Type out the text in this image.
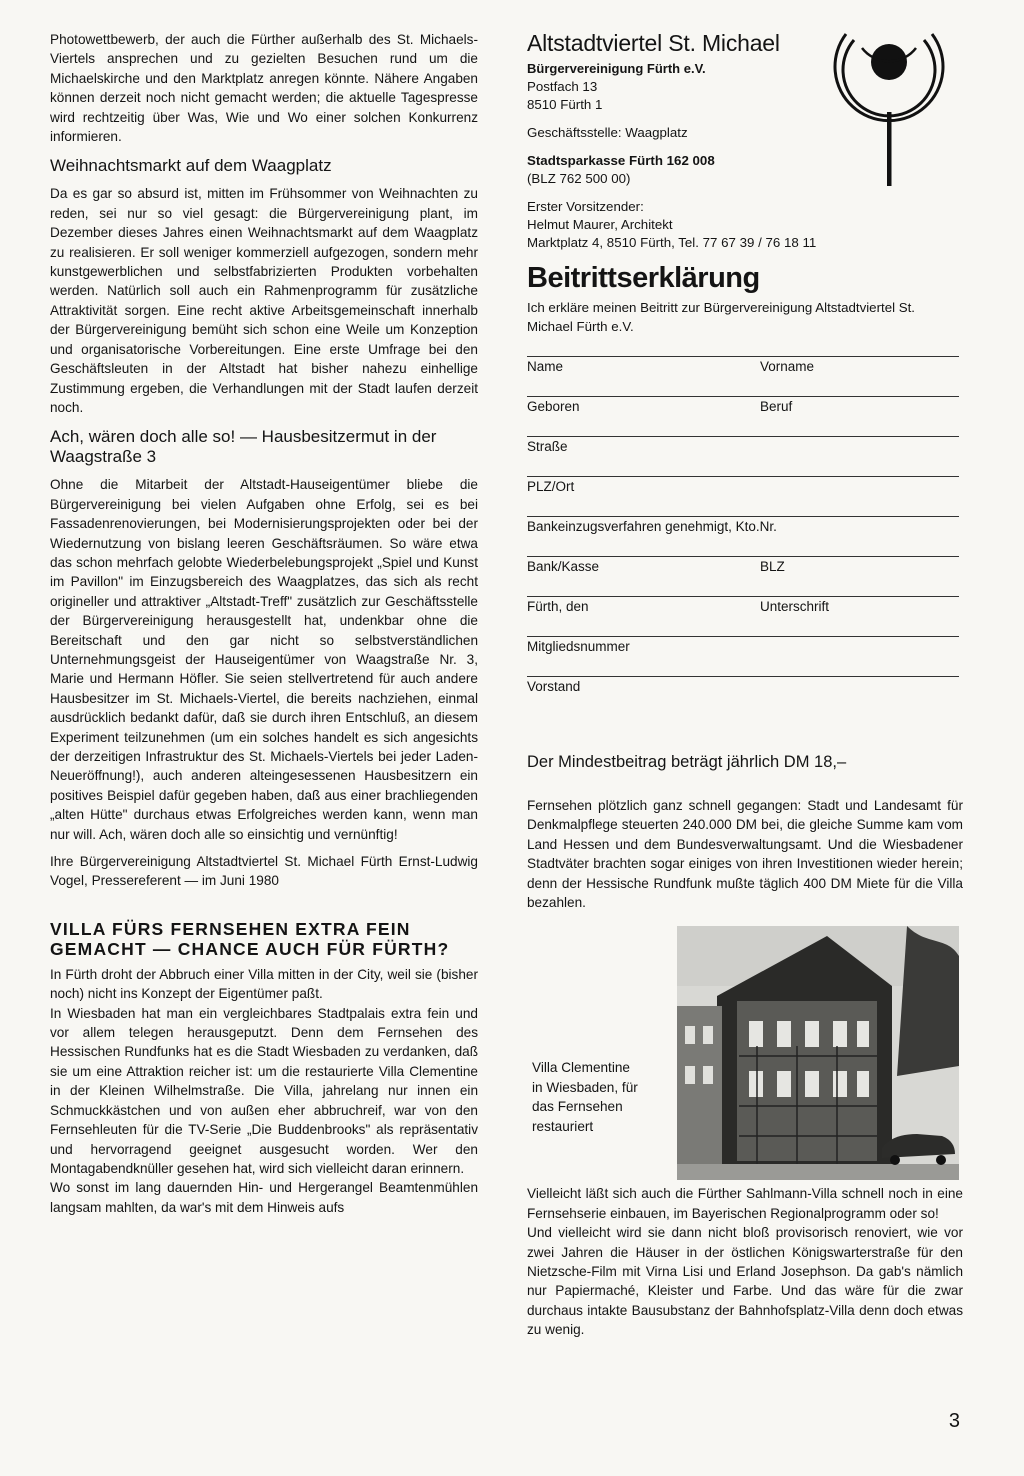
Photowettbewerb, der auch die Fürther außerhalb des St. Michaels-Viertels ansprechen und zu gezielten Besuchen rund um die Michaelskirche und den Marktplatz anregen könnte. Nähere Angaben können derzeit noch nicht gemacht werden; die aktuelle Tagespresse wird rechtzeitig über Was, Wie und Wo einer solchen Konkurrenz informieren.

Weihnachtsmarkt auf dem Waagplatz

Da es gar so absurd ist, mitten im Frühsommer von Weihnachten zu reden, sei nur so viel gesagt: die Bürgervereinigung plant, im Dezember dieses Jahres einen Weihnachtsmarkt auf dem Waagplatz zu realisieren. Er soll weniger kommerziell aufgezogen, sondern mehr kunstgewerblichen und selbstfabrizierten Produkten vorbehalten werden. Natürlich soll auch ein Rahmenprogramm für zusätzliche Attraktivität sorgen. Eine recht aktive Arbeitsgemeinschaft innerhalb der Bürgervereinigung bemüht sich schon eine Weile um Konzeption und organisatorische Vorbereitungen. Eine erste Umfrage bei den Geschäftsleuten in der Altstadt hat bisher nahezu einhellige Zustimmung ergeben, die Verhandlungen mit der Stadt laufen derzeit noch.

Ach, wären doch alle so! — Hausbesitzermut in der Waagstraße 3

Ohne die Mitarbeit der Altstadt-Hauseigentümer bliebe die Bürgervereinigung bei vielen Aufgaben ohne Erfolg, sei es bei Fassadenrenovierungen, bei Modernisierungsprojekten oder bei der Wiedernutzung von bislang leeren Geschäftsräumen. So wäre etwa das schon mehrfach gelobte Wiederbelebungsprojekt „Spiel und Kunst im Pavillon" im Einzugsbereich des Waagplatzes, das sich als recht origineller und attraktiver „Altstadt-Treff" zusätzlich zur Geschäftsstelle der Bürgervereinigung herausgestellt hat, undenkbar ohne die Bereitschaft und den gar nicht so selbstverständlichen Unternehmungsgeist der Hauseigentümer von Waagstraße Nr. 3, Marie und Hermann Höfler. Sie seien stellvertretend für auch andere Hausbesitzer im St. Michaels-Viertel, die bereits nachziehen, einmal ausdrücklich bedankt dafür, daß sie durch ihren Entschluß, an diesem Experiment teilzunehmen (um ein solches handelt es sich angesichts der derzeitigen Infrastruktur des St. Michaels-Viertels bei jeder Laden-Neueröffnung!), auch anderen alteingesessenen Hausbesitzern ein positives Beispiel dafür gegeben haben, daß aus einer brachliegenden „alten Hütte" durchaus etwas Erfolgreiches werden kann, wenn man nur will. Ach, wären doch alle so einsichtig und vernünftig!

Ihre Bürgervereinigung Altstadtviertel St. Michael Fürth Ernst-Ludwig Vogel, Pressereferent — im Juni 1980

VILLA FÜRS FERNSEHEN EXTRA FEIN GEMACHT — CHANCE AUCH FÜR FÜRTH?

In Fürth droht der Abbruch einer Villa mitten in der City, weil sie (bisher noch) nicht ins Konzept der Eigentümer paßt.

In Wiesbaden hat man ein vergleichbares Stadtpalais extra fein und vor allem telegen herausgeputzt. Denn dem Fernsehen des Hessischen Rundfunks hat es die Stadt Wiesbaden zu verdanken, daß sie um eine Attraktion reicher ist: um die restaurierte Villa Clementine in der Kleinen Wilhelmstraße. Die Villa, jahrelang nur innen ein Schmuckkästchen und von außen eher abbruchreif, war von den Fernsehleuten für die TV-Serie „Die Buddenbrooks" als repräsentativ und hervorragend geeignet ausgesucht worden. Wer den Montagabendknüller gesehen hat, wird sich vielleicht daran erinnern.

Wo sonst im lang dauernden Hin- und Hergerangel Beamtenmühlen langsam mahlten, da war's mit dem Hinweis aufs

Altstadtviertel St. Michael
Bürgervereinigung Fürth e.V.
Postfach 13
8510 Fürth 1
Geschäftsstelle: Waagplatz
Stadtsparkasse Fürth 162 008
(BLZ 762 500 00)
Erster Vorsitzender:
Helmut Maurer, Architekt
Marktplatz 4, 8510 Fürth, Tel. 77 67 39 / 76 18 11
Beitrittserklärung
Ich erkläre meinen Beitritt zur Bürgervereinigung Altstadtviertel St. Michael Fürth e.V.
Name	Vorname
Geboren	Beruf
Straße
PLZ/Ort
Bankeinzugsverfahren genehmigt, Kto.Nr.
Bank/Kasse	BLZ
Fürth, den	Unterschrift
Mitgliedsnummer
Vorstand
Der Mindestbeitrag beträgt jährlich DM 18,–

Fernsehen plötzlich ganz schnell gegangen: Stadt und Landesamt für Denkmalpflege steuerten 240.000 DM bei, die gleiche Summe kam vom Land Hessen und dem Bundesverwaltungsamt. Und die Wiesbadener Stadtväter brachten sogar einiges von ihren Investitionen wieder herein; denn der Hessische Rundfunk mußte täglich 400 DM Miete für die Villa bezahlen.

Villa Clementine in Wiesbaden, für das Fernsehen restauriert

Vielleicht läßt sich auch die Fürther Sahlmann-Villa schnell noch in eine Fernsehserie einbauen, im Bayerischen Regionalprogramm oder so!

Und vielleicht wird sie dann nicht bloß provisorisch renoviert, wie vor zwei Jahren die Häuser in der östlichen Königswarterstraße für den Nietzsche-Film mit Virna Lisi und Erland Josephson. Da gab's nämlich nur Papiermaché, Kleister und Farbe. Und das wäre für die zwar durchaus intakte Bausubstanz der Bahnhofsplatz-Villa denn doch etwas zu wenig.

3
